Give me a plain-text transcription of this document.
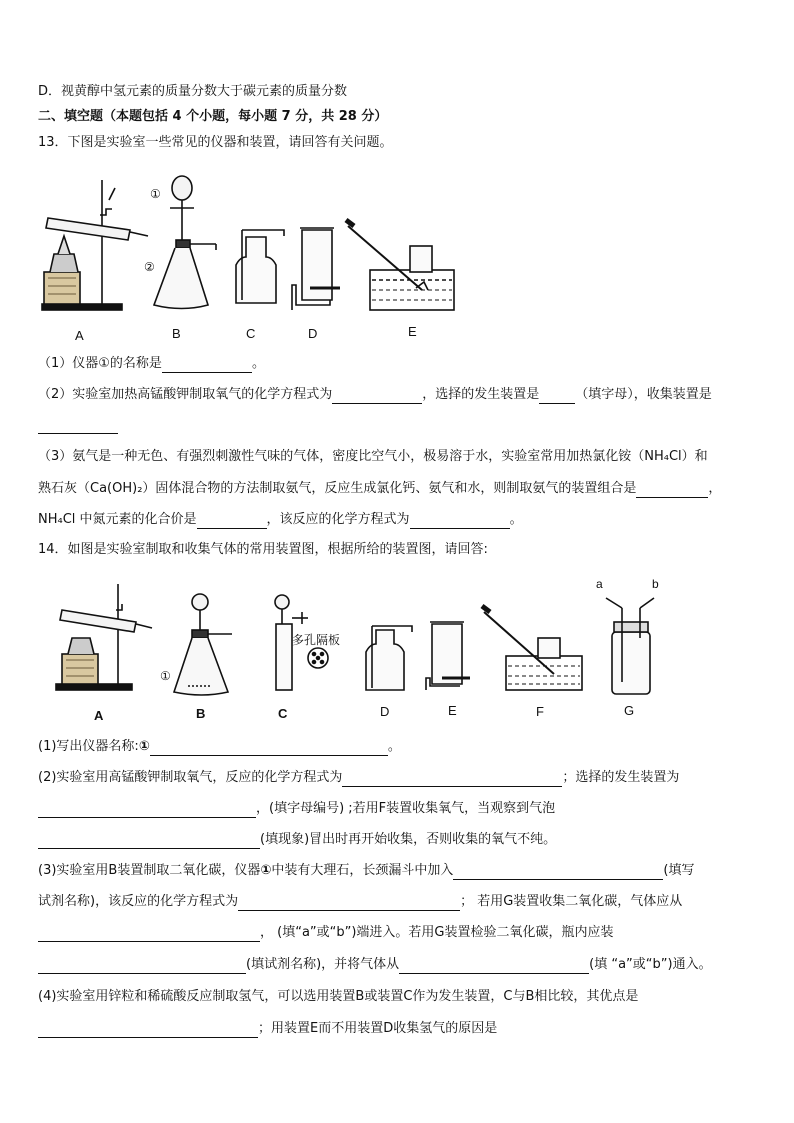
D．视黄醇中氢元素的质量分数大于碳元素的质量分数
二、填空题（本题包括 4 个小题，每小题 7 分，共 28 分）
13．下图是实验室一些常见的仪器和装置，请回答有关问题。
①
②
A	B	C	D	E
（1）仪器①的名称是	。
（2）实验室加热高锰酸钾制取氧气的化学方程式为	，选择的发生装置是	（填字母），收集装置是
（3）氨气是一种无色、有强烈刺激性气味的气体，密度比空气小，极易溶于水，实验室常用加热氯化铵（NH₄Cl）和
熟石灰（Ca(OH)₂）固体混合物的方法制取氨气，反应生成氯化钙、氨气和水，则制取氨气的装置组合是	，
NH₄Cl 中氮元素的化合价是	，该反应的化学方程式为	。
14．如图是实验室制取和收集气体的常用装置图，根据所给的装置图，请回答:
①
多孔隔板
a	b
A	B	C	D	E	F	G
(1)写出仪器名称:①	。
(2)实验室用高锰酸钾制取氧气，反应的化学方程式为	；选择的发生装置为
，(填字母编号) ;若用F装置收集氧气，当观察到气泡
(填现象)冒出时再开始收集，否则收集的氧气不纯。
(3)实验室用B装置制取二氧化碳，仪器①中装有大理石，长颈漏斗中加入	(填写
试剂名称)，该反应的化学方程式为	； 若用G装置收集二氧化碳，气体应从
， (填“a”或“b”)端进入。若用G装置检验二氧化碳，瓶内应装
(填试剂名称)，并将气体从	(填 “a”或“b”)通入。
(4)实验室用锌粒和稀硫酸反应制取氢气，可以选用装置B或装置C作为发生装置，C与B相比较，其优点是
；用装置E而不用装置D收集氢气的原因是
